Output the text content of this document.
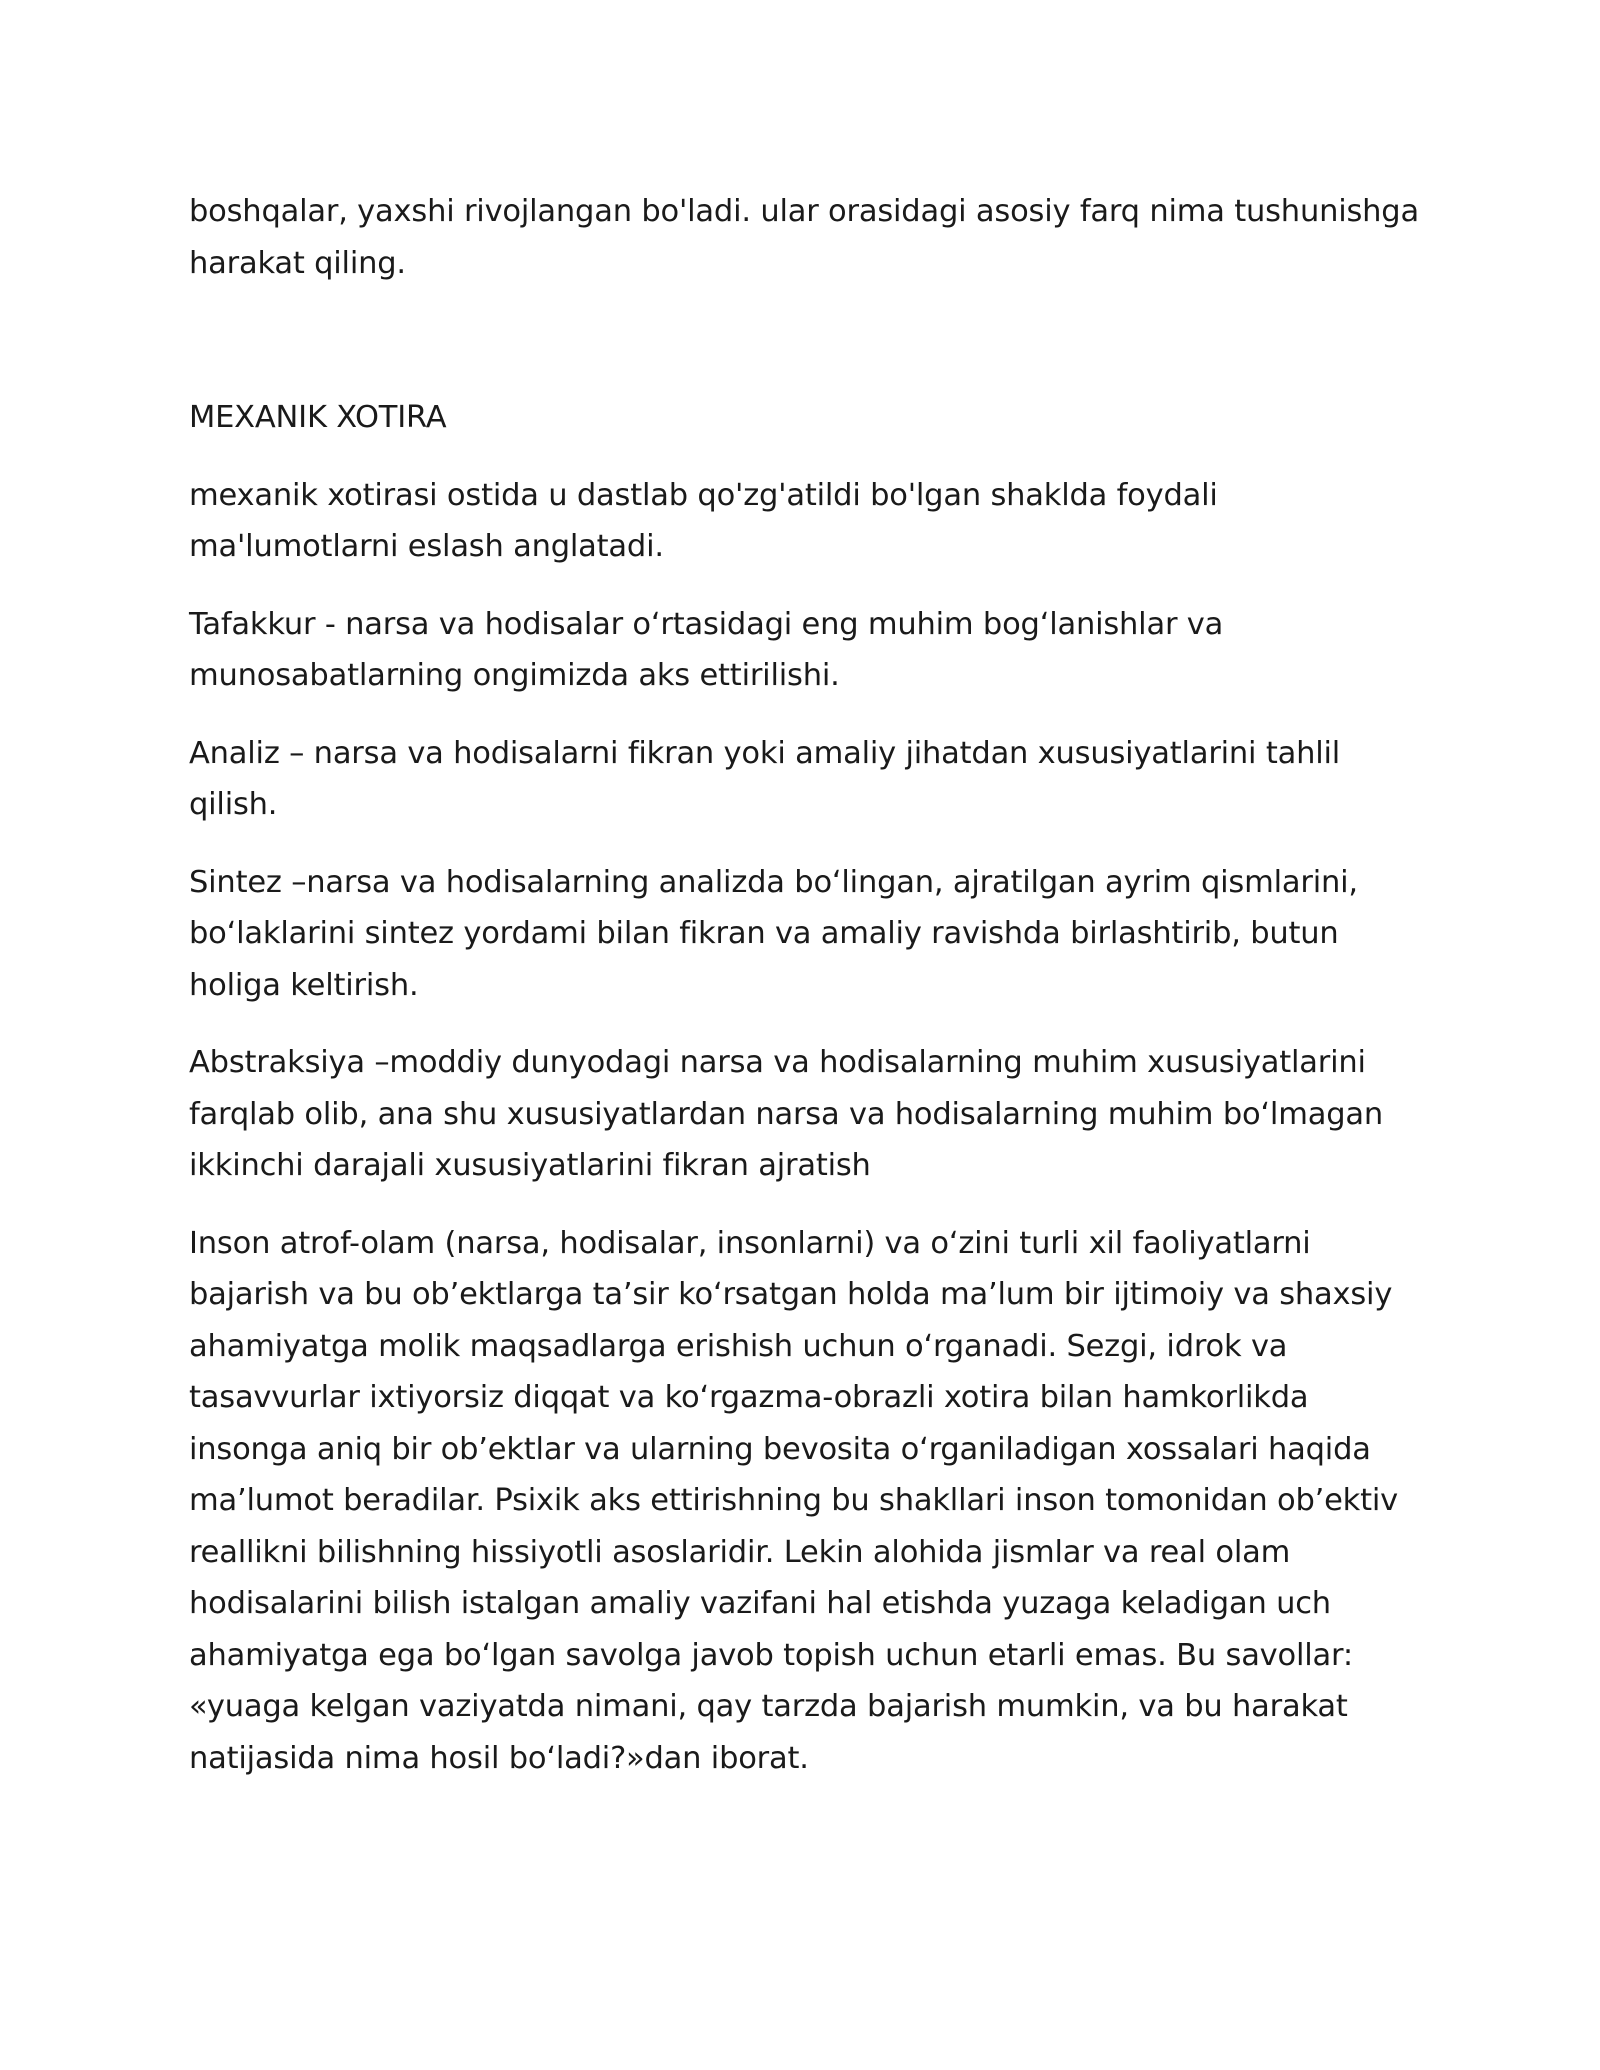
boshqalar, yaxshi rivojlangan bo'ladi. ular orasidagi asosiy farq nima tushunishga harakat qiling.

MEXANIK XOTIRA

mexanik xotirasi ostida u dastlab qo'zg'atildi bo'lgan shaklda foydali ma'lumotlarni eslash anglatadi.

Tafakkur - narsa va hodisalar oʻrtasidagi eng muhim bogʻlanishlar va munosabatlarning ongimizda aks ettirilishi.

Analiz – narsa va hodisalarni fikran yoki amaliy jihatdan xususiyatlarini tahlil qilish.

Sintez –narsa va hodisalarning analizda boʻlingan, ajratilgan ayrim qismlarini, boʻlaklarini sintez yordami bilan fikran va amaliy ravishda birlashtirib, butun holiga keltirish.

Abstraksiya –moddiy dunyodagi narsa va hodisalarning muhim xususiyatlarini farqlab olib, ana shu xususiyatlardan narsa va hodisalarning muhim boʻlmagan ikkinchi darajali xususiyatlarini fikran ajratish

Inson atrof-olam (narsa, hodisalar, insonlarni) va oʻzini turli xil faoliyatlarni bajarish va bu obʼektlarga taʼsir koʻrsatgan holda maʼlum bir ijtimoiy va shaxsiy ahamiyatga molik maqsadlarga erishish uchun oʻrganadi. Sezgi, idrok va tasavvurlar ixtiyorsiz diqqat va koʻrgazma-obrazli xotira bilan hamkorlikda insonga aniq bir obʼektlar va ularning bevosita oʻrganiladigan xossalari haqida maʼlumot beradilar. Psixik aks ettirishning bu shakllari inson tomonidan obʼektiv reallikni bilishning hissiyotli asoslaridir. Lekin alohida jismlar va real olam hodisalarini bilish istalgan amaliy vazifani hal etishda yuzaga keladigan uch ahamiyatga ega boʻlgan savolga javob topish uchun etarli emas. Bu savollar: «yuaga kelgan vaziyatda nimani, qay tarzda bajarish mumkin, va bu harakat natijasida nima hosil boʻladi?»dan iborat.
